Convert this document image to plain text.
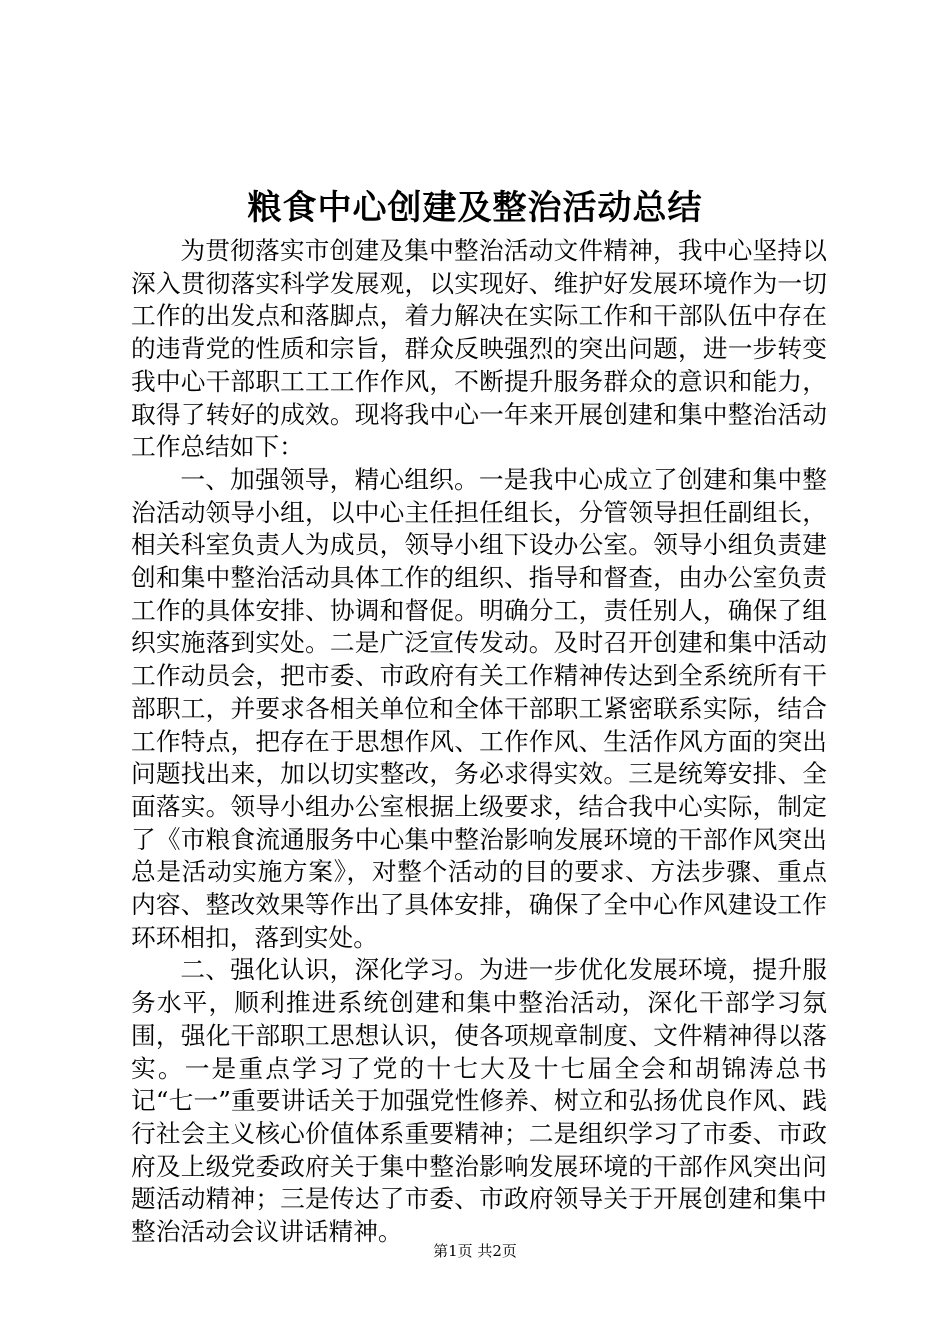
粮食中心创建及整治活动总结

为贯彻落实市创建及集中整治活动文件精神，我中心坚持以深入贯彻落实科学发展观，以实现好、维护好发展环境作为一切工作的出发点和落脚点，着力解决在实际工作和干部队伍中存在的违背党的性质和宗旨，群众反映强烈的突出问题，进一步转变我中心干部职工工工作作风，不断提升服务群众的意识和能力，取得了转好的成效。现将我中心一年来开展创建和集中整治活动工作总结如下：

一、加强领导，精心组织。一是我中心成立了创建和集中整治活动领导小组，以中心主任担任组长，分管领导担任副组长，相关科室负责人为成员，领导小组下设办公室。领导小组负责建创和集中整治活动具体工作的组织、指导和督查，由办公室负责工作的具体安排、协调和督促。明确分工，责任别人，确保了组织实施落到实处。二是广泛宣传发动。及时召开创建和集中活动工作动员会，把市委、市政府有关工作精神传达到全系统所有干部职工，并要求各相关单位和全体干部职工紧密联系实际，结合工作特点，把存在于思想作风、工作作风、生活作风方面的突出问题找出来，加以切实整改，务必求得实效。三是统筹安排、全面落实。领导小组办公室根据上级要求，结合我中心实际，制定了《市粮食流通服务中心集中整治影响发展环境的干部作风突出总是活动实施方案》，对整个活动的目的要求、方法步骤、重点内容、整改效果等作出了具体安排，确保了全中心作风建设工作环环相扣，落到实处。

二、强化认识，深化学习。为进一步优化发展环境，提升服务水平，顺利推进系统创建和集中整治活动，深化干部学习氛围，强化干部职工思想认识，使各项规章制度、文件精神得以落实。一是重点学习了党的十七大及十七届全会和胡锦涛总书记“七一”重要讲话关于加强党性修养、树立和弘扬优良作风、践行社会主义核心价值体系重要精神；二是组织学习了市委、市政府及上级党委政府关于集中整治影响发展环境的干部作风突出问题活动精神；三是传达了市委、市政府领导关于开展创建和集中整治活动会议讲话精神。

第1页 共2页
